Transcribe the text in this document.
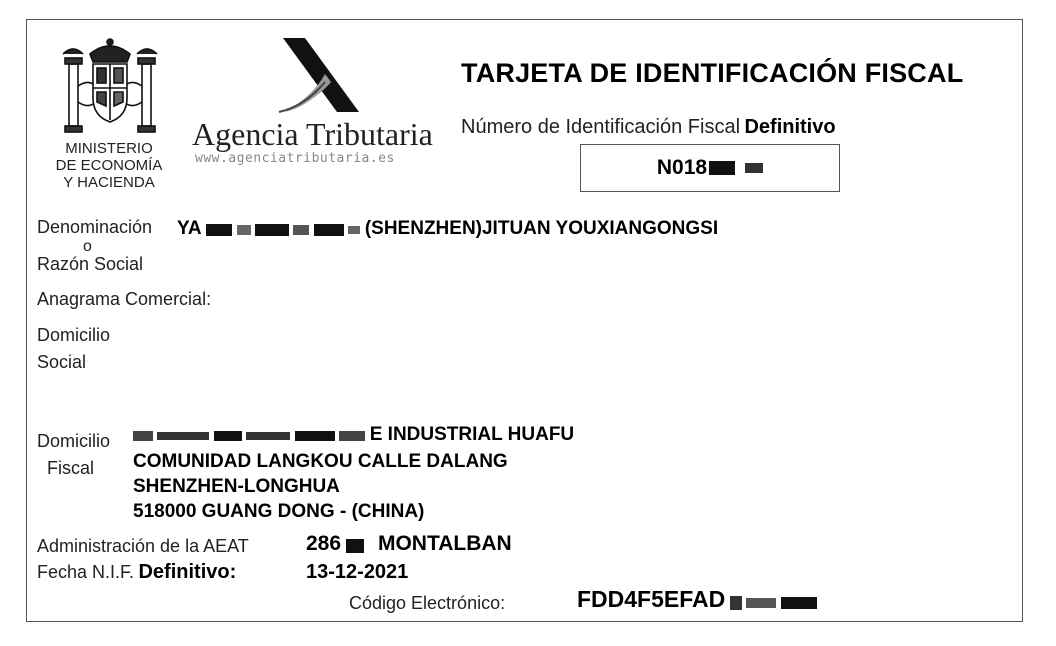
MINISTERIO
DE ECONOMÍA
Y HACIENDA
Agencia Tributaria
www.agenciatributaria.es
TARJETA DE IDENTIFICACIÓN FISCAL
Número de Identificación Fiscal Definitivo
N018
Denominación
o
Razón Social
YA	(SHENZHEN)JITUAN YOUXIANGONGSI
Anagrama Comercial:
Domicilio
Social
Domicilio
Fiscal
E INDUSTRIAL HUAFU
COMUNIDAD LANGKOU CALLE DALANG
SHENZHEN-LONGHUA
518000 GUANG DONG - (CHINA)
Administración de la AEAT	286 MONTALBAN
Fecha N.I.F. Definitivo:	13-12-2021
Código Electrónico:	FDD4F5EFAD
